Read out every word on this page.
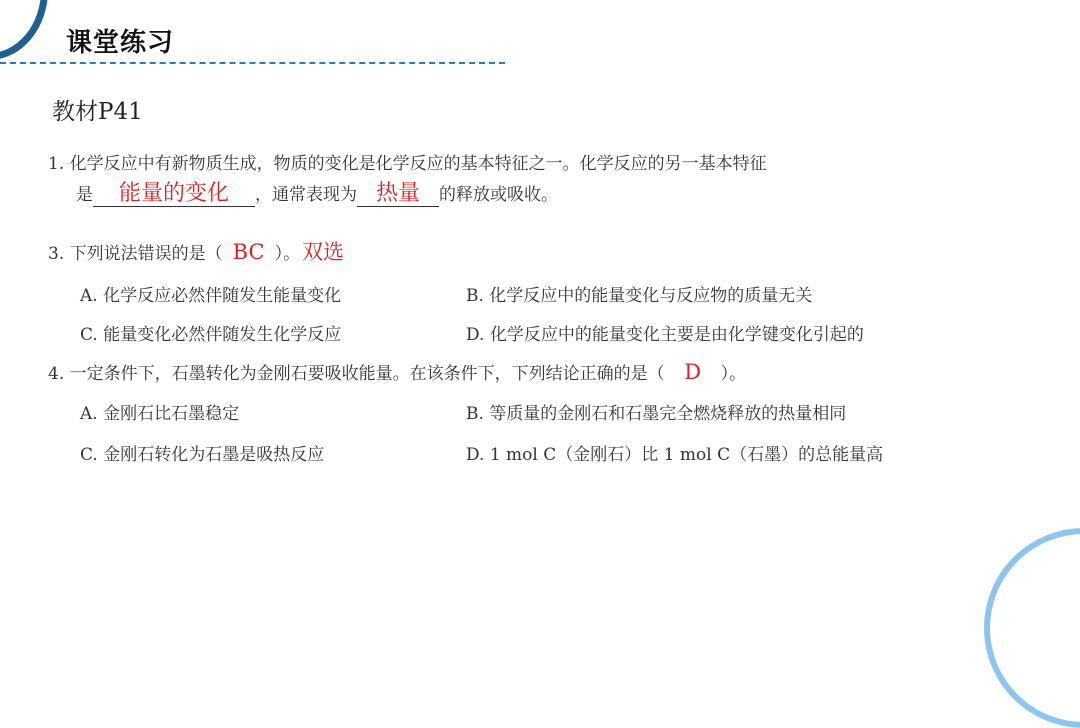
课堂练习
教材P41
1. 化学反应中有新物质生成，物质的变化是化学反应的基本特征之一。化学反应的另一基本特征
是 能量的变化 ，通常表现为 热量 的释放或吸收。
3. 下列说法错误的是（ BC ）。双选
A. 化学反应必然伴随发生能量变化	B. 化学反应中的能量变化与反应物的质量无关
C. 能量变化必然伴随发生化学反应	D. 化学反应中的能量变化主要是由化学键变化引起的
4. 一定条件下，石墨转化为金刚石要吸收能量。在该条件下，下列结论正确的是（ D ）。
A. 金刚石比石墨稳定	B. 等质量的金刚石和石墨完全燃烧释放的热量相同
C. 金刚石转化为石墨是吸热反应	D. 1 mol C（金刚石）比 1 mol C（石墨）的总能量高
